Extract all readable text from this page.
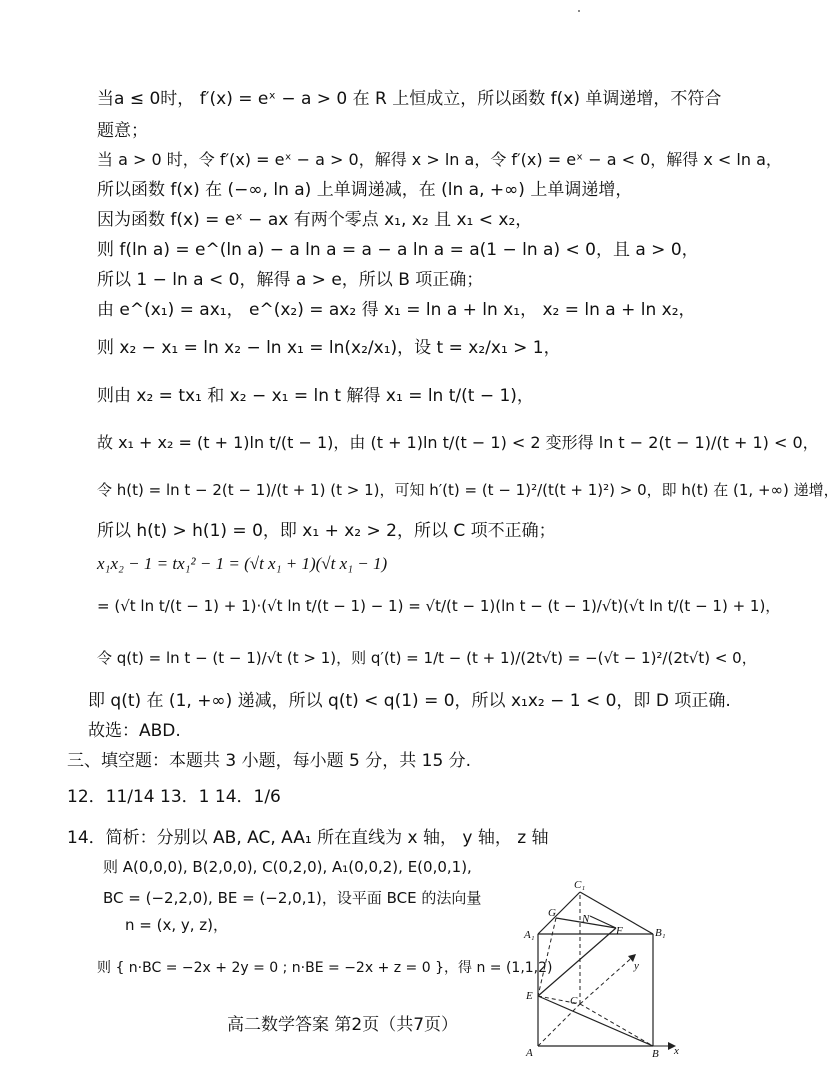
当a ≤ 0时， f′(x) = eˣ − a > 0 在 R 上恒成立，所以函数 f(x) 单调递增，不符合
题意；
当 a > 0 时，令 f′(x) = eˣ − a > 0，解得 x > ln a，令 f′(x) = eˣ − a < 0，解得 x < ln a，
所以函数 f(x) 在 (−∞, ln a) 上单调递减，在 (ln a, +∞) 上单调递增，
因为函数 f(x) = eˣ − ax 有两个零点 x₁, x₂ 且 x₁ < x₂，
则 f(ln a) = e^(ln a) − a ln a = a − a ln a = a(1 − ln a) < 0，且 a > 0，
所以 1 − ln a < 0，解得 a > e，所以 B 项正确；
由 e^(x₁) = ax₁， e^(x₂) = ax₂ 得 x₁ = ln a + ln x₁， x₂ = ln a + ln x₂，
则 x₂ − x₁ = ln x₂ − ln x₁ = ln(x₂/x₁)，设 t = x₂/x₁ > 1，
则由 x₂ = tx₁ 和 x₂ − x₁ = ln t 解得 x₁ = ln t/(t − 1)，
故 x₁ + x₂ = (t + 1)ln t/(t − 1)，由 (t + 1)ln t/(t − 1) < 2 变形得 ln t − 2(t − 1)/(t + 1) < 0，
令 h(t) = ln t − 2(t − 1)/(t + 1) (t > 1)，可知 h′(t) = (t − 1)²/(t(t + 1)²) > 0，即 h(t) 在 (1, +∞) 递增，
所以 h(t) > h(1) = 0，即 x₁ + x₂ > 2，所以 C 项不正确；
x₁x₂ − 1 = tx₁² − 1 = (√t x₁ + 1)(√t x₁ − 1)
= (√t ln t/(t − 1) + 1)·(√t ln t/(t − 1) − 1) = √t/(t − 1)(ln t − (t − 1)/√t)(√t ln t/(t − 1) + 1)，
令 q(t) = ln t − (t − 1)/√t (t > 1)，则 q′(t) = 1/t − (t + 1)/(2t√t) = −(√t − 1)²/(2t√t) < 0，
即 q(t) 在 (1, +∞) 递减，所以 q(t) < q(1) = 0，所以 x₁x₂ − 1 < 0，即 D 项正确.
故选：ABD.
三、填空题：本题共 3 小题，每小题 5 分，共 15 分.
12．11/14 13．1 14．1/6
14．简析：分别以 AB, AC, AA₁ 所在直线为 x 轴， y 轴， z 轴
则 A(0,0,0), B(2,0,0), C(0,2,0), A₁(0,0,2), E(0,0,1),
BC = (−2,2,0), BE = (−2,0,1)，设平面 BCE 的法向量
n = (x, y, z)，
则 { n·BC = −2x + 2y = 0 ; n·BE = −2x + z = 0 }，得 n = (1,1,2)
高二数学答案 第2页（共7页）
C₁
G N
A₁	F	B₁
y
E	C
A	B x
